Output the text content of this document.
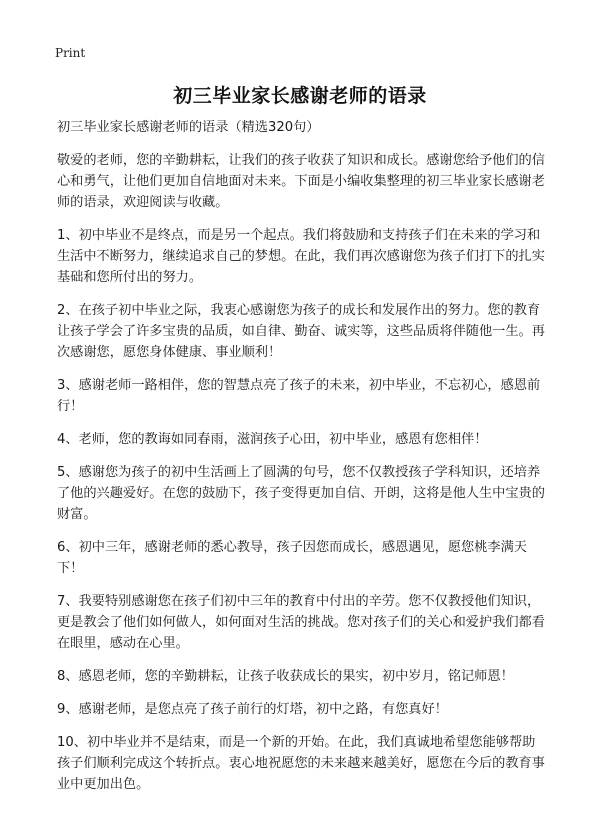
Print
初三毕业家长感谢老师的语录

初三毕业家长感谢老师的语录（精选320句）

敬爱的老师，您的辛勤耕耘，让我们的孩子收获了知识和成长。感谢您给予他们的信心和勇气，让他们更加自信地面对未来。下面是小编收集整理的初三毕业家长感谢老师的语录，欢迎阅读与收藏。

1、初中毕业不是终点，而是另一个起点。我们将鼓励和支持孩子们在未来的学习和生活中不断努力，继续追求自己的梦想。在此，我们再次感谢您为孩子们打下的扎实基础和您所付出的努力。

2、在孩子初中毕业之际，我衷心感谢您为孩子的成长和发展作出的努力。您的教育让孩子学会了许多宝贵的品质，如自律、勤奋、诚实等，这些品质将伴随他一生。再次感谢您，愿您身体健康、事业顺利！

3、感谢老师一路相伴，您的智慧点亮了孩子的未来，初中毕业，不忘初心，感恩前行！

4、老师，您的教诲如同春雨，滋润孩子心田，初中毕业，感恩有您相伴！

5、感谢您为孩子的初中生活画上了圆满的句号，您不仅教授孩子学科知识，还培养了他的兴趣爱好。在您的鼓励下，孩子变得更加自信、开朗，这将是他人生中宝贵的财富。

6、初中三年，感谢老师的悉心教导，孩子因您而成长，感恩遇见，愿您桃李满天下！

7、我要特别感谢您在孩子们初中三年的教育中付出的辛劳。您不仅教授他们知识，更是教会了他们如何做人，如何面对生活的挑战。您对孩子们的关心和爱护我们都看在眼里，感动在心里。

8、感恩老师，您的辛勤耕耘，让孩子收获成长的果实，初中岁月，铭记师恩！

9、感谢老师，是您点亮了孩子前行的灯塔，初中之路，有您真好！

10、初中毕业并不是结束，而是一个新的开始。在此，我们真诚地希望您能够帮助孩子们顺利完成这个转折点。衷心地祝愿您的未来越来越美好，愿您在今后的教育事业中更加出色。
